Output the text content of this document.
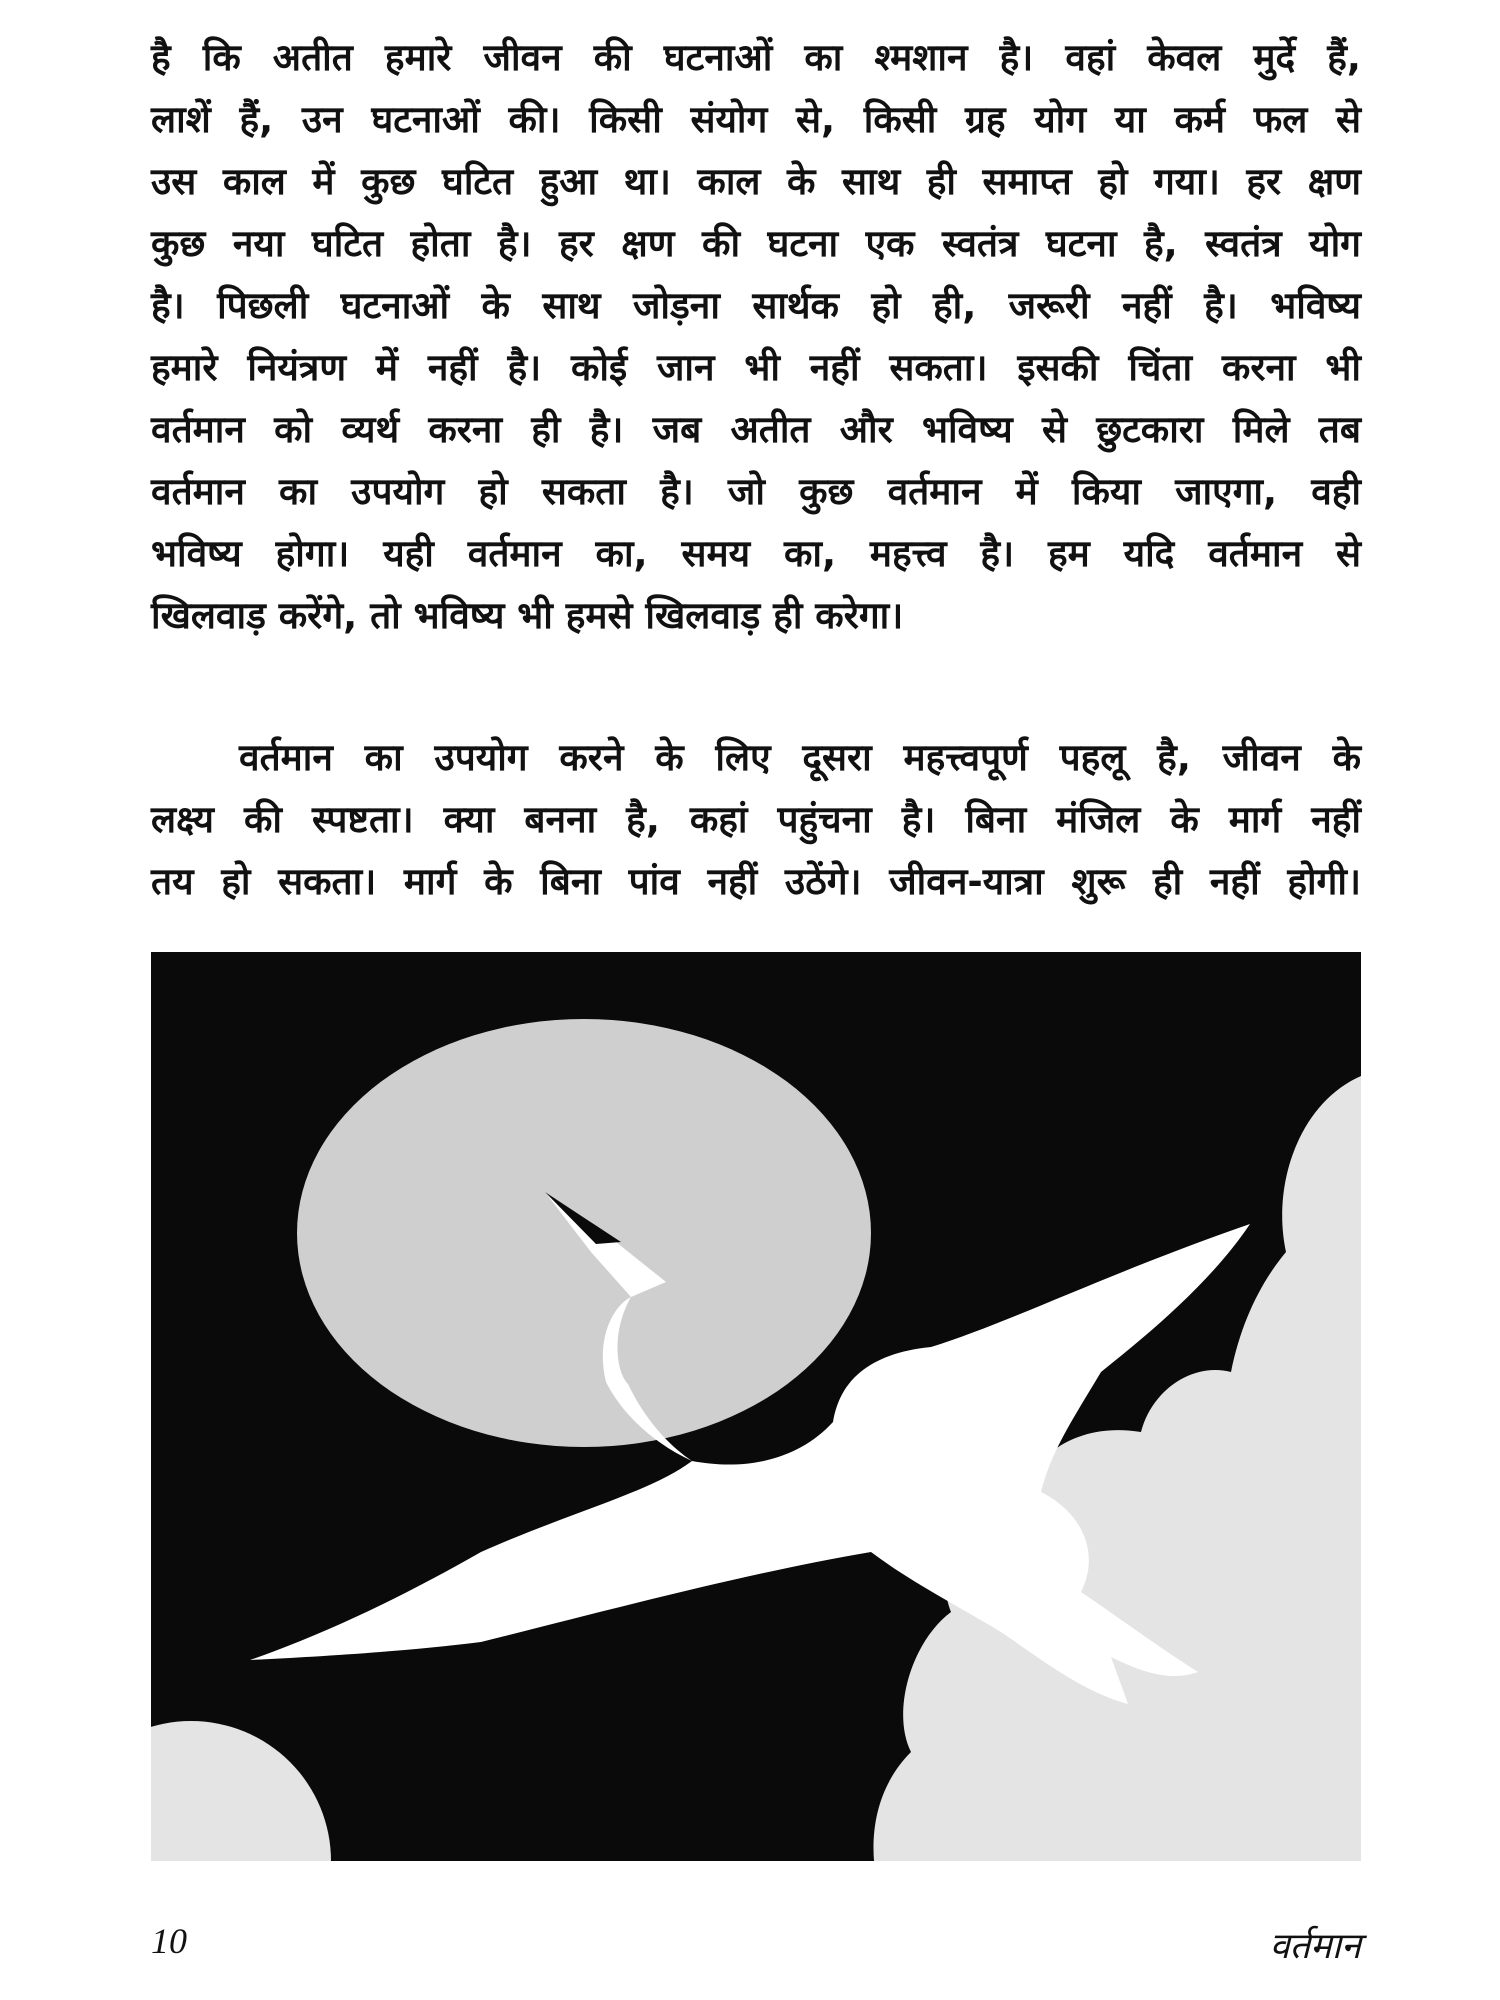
है कि अतीत हमारे जीवन की घटनाओं का श्मशान है। वहां केवल मुर्दे हैं,
लाशें हैं, उन घटनाओं की। किसी संयोग से, किसी ग्रह योग या कर्म फल से
उस काल में कुछ घटित हुआ था। काल के साथ ही समाप्त हो गया। हर क्षण
कुछ नया घटित होता है। हर क्षण की घटना एक स्वतंत्र घटना है, स्वतंत्र योग
है। पिछली घटनाओं के साथ जोड़ना सार्थक हो ही, जरूरी नहीं है। भविष्य
हमारे नियंत्रण में नहीं है। कोई जान भी नहीं सकता। इसकी चिंता करना भी
वर्तमान को व्यर्थ करना ही है। जब अतीत और भविष्य से छुटकारा मिले तब
वर्तमान का उपयोग हो सकता है। जो कुछ वर्तमान में किया जाएगा, वही
भविष्य होगा। यही वर्तमान का, समय का, महत्त्व है। हम यदि वर्तमान से
खिलवाड़ करेंगे, तो भविष्य भी हमसे खिलवाड़ ही करेगा।
वर्तमान का उपयोग करने के लिए दूसरा महत्त्वपूर्ण पहलू है, जीवन के
लक्ष्य की स्पष्टता। क्या बनना है, कहां पहुंचना है। बिना मंजिल के मार्ग नहीं
तय हो सकता। मार्ग के बिना पांव नहीं उठेंगे। जीवन-यात्रा शुरू ही नहीं होगी।
10	वर्तमान
